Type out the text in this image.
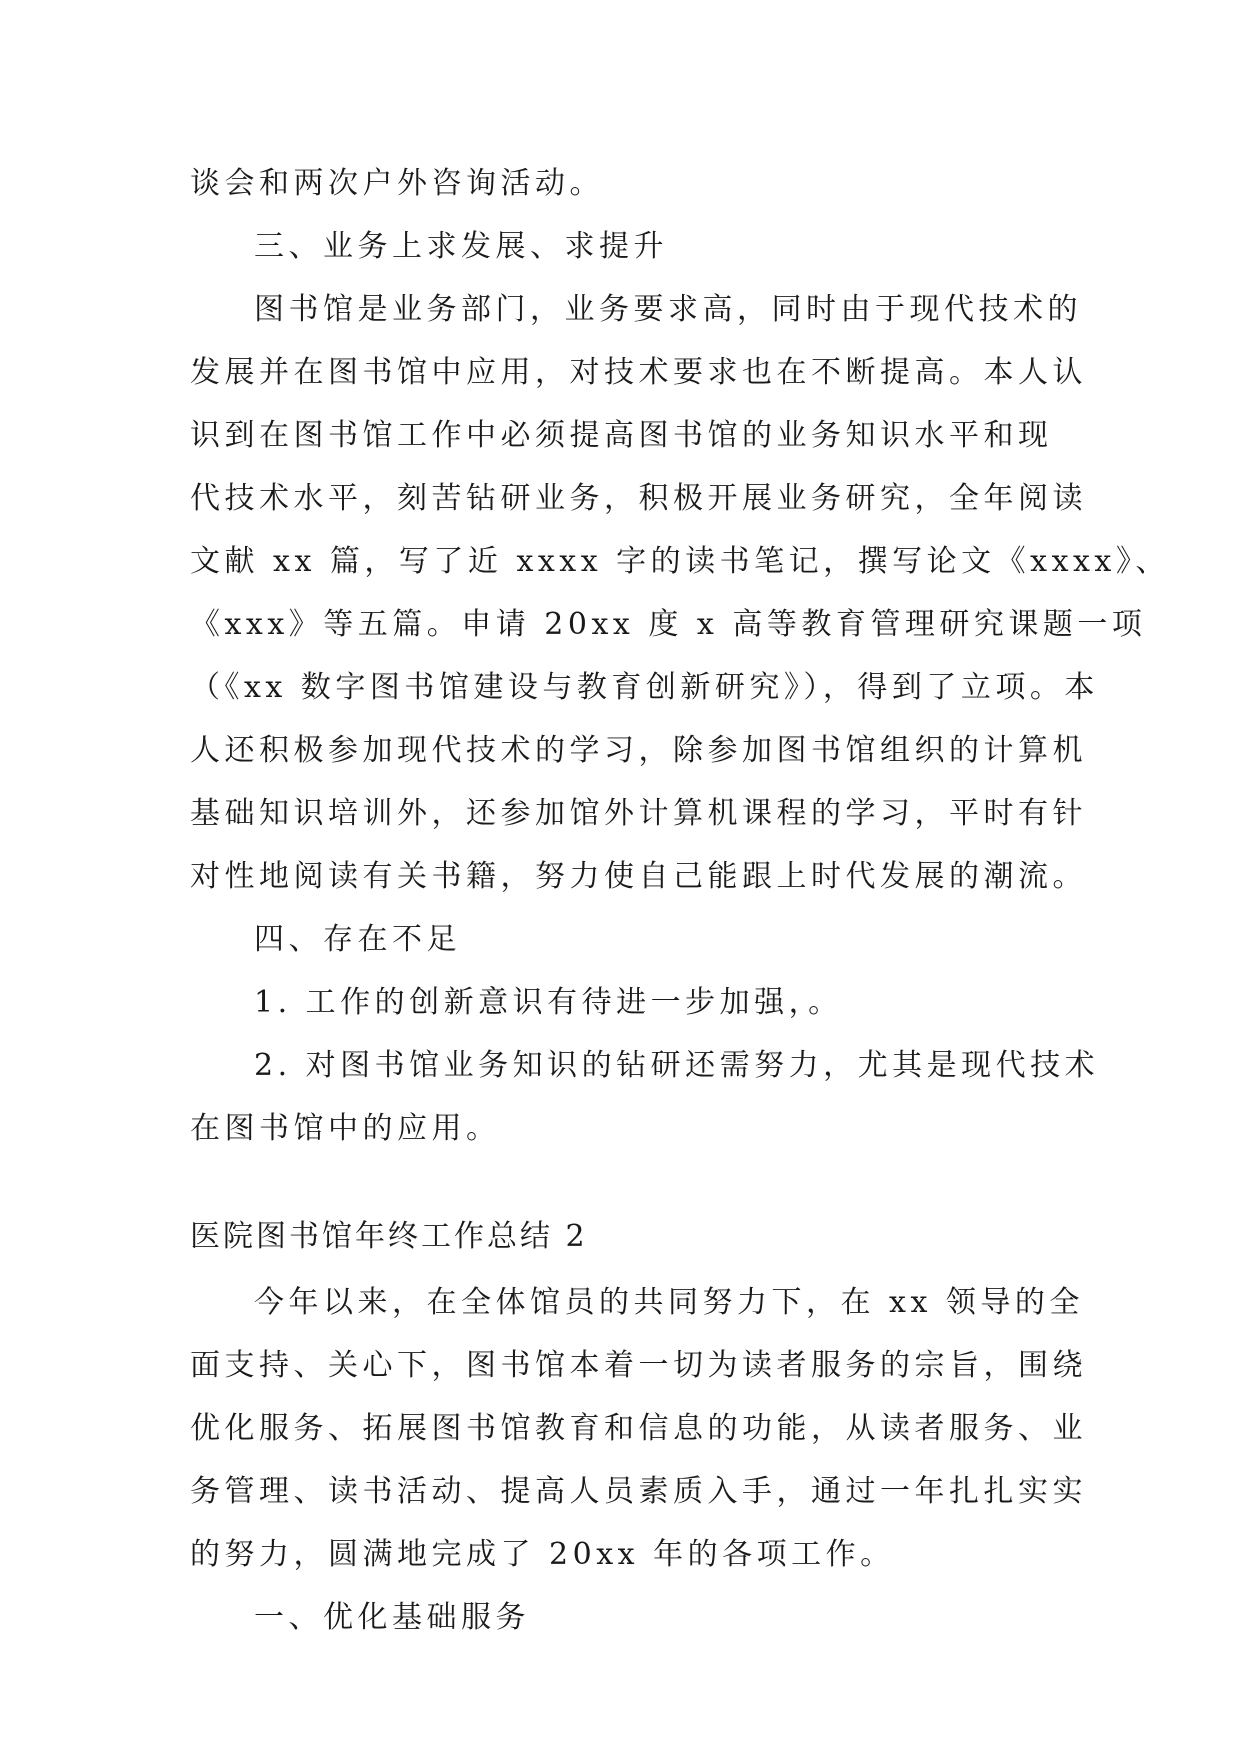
谈会和两次户外咨询活动。
三、业务上求发展、求提升
图书馆是业务部门，业务要求高，同时由于现代技术的
发展并在图书馆中应用，对技术要求也在不断提高。本人认
识到在图书馆工作中必须提高图书馆的业务知识水平和现
代技术水平，刻苦钻研业务，积极开展业务研究，全年阅读
文献 xx 篇，写了近 xxxx 字的读书笔记，撰写论文《xxxx》、
《xxx》等五篇。申请 20xx 度 x 高等教育管理研究课题一项
（《xx 数字图书馆建设与教育创新研究》），得到了立项。本
人还积极参加现代技术的学习，除参加图书馆组织的计算机
基础知识培训外，还参加馆外计算机课程的学习，平时有针
对性地阅读有关书籍，努力使自己能跟上时代发展的潮流。
四、存在不足
1. 工作的创新意识有待进一步加强，。
2. 对图书馆业务知识的钻研还需努力，尤其是现代技术
在图书馆中的应用。
医院图书馆年终工作总结 2
今年以来，在全体馆员的共同努力下，在 xx 领导的全
面支持、关心下，图书馆本着一切为读者服务的宗旨，围绕
优化服务、拓展图书馆教育和信息的功能，从读者服务、业
务管理、读书活动、提高人员素质入手，通过一年扎扎实实
的努力，圆满地完成了 20xx 年的各项工作。
一、优化基础服务
